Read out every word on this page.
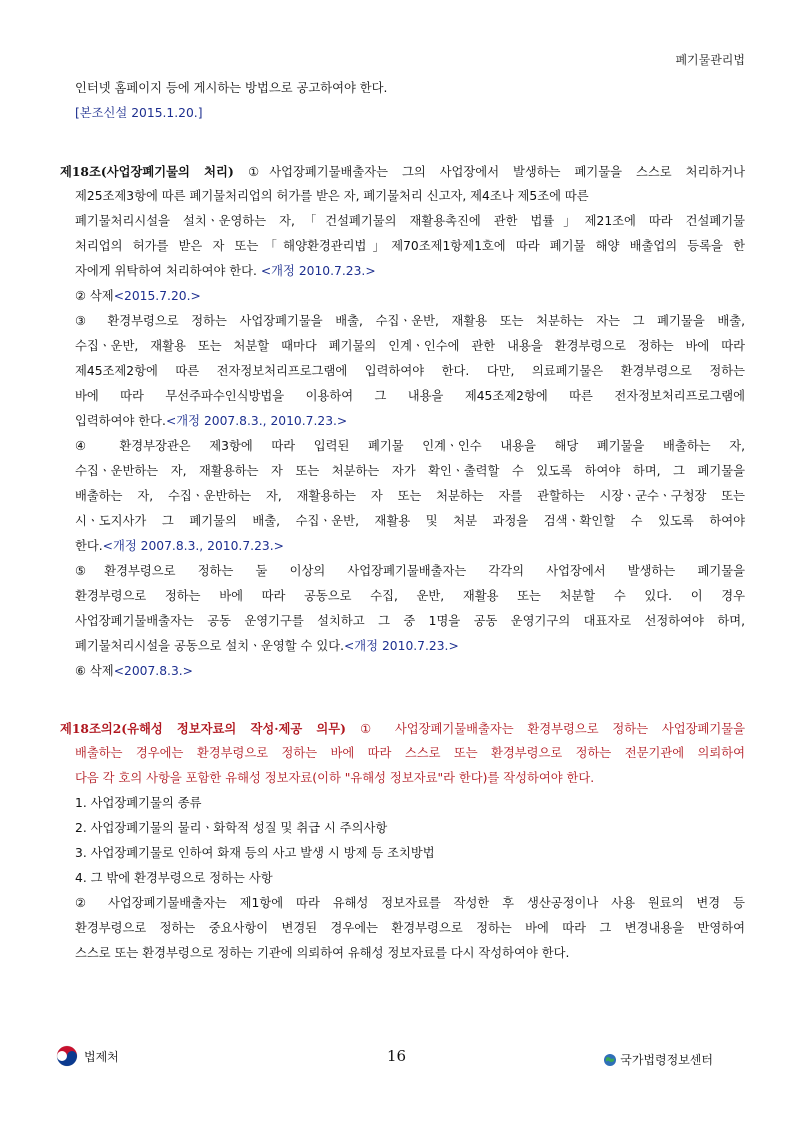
폐기물관리법
인터넷 홈페이지 등에 게시하는 방법으로 공고하여야 한다.
[본조신설 2015.1.20.]
제18조(사업장폐기물의 처리) ①사업장폐기물배출자는 그의 사업장에서 발생하는 폐기물을 스스로 처리하거나
제25조제3항에 따른 폐기물처리업의 허가를 받은 자, 폐기물처리 신고자, 제4조나 제5조에 따른
폐기물처리시설을 설치ㆍ운영하는 자,「건설폐기물의 재활용촉진에 관한 법률」제21조에 따라 건설폐기물
처리업의 허가를 받은 자 또는「해양환경관리법」제70조제1항제1호에 따라 폐기물 해양 배출업의 등록을 한
자에게 위탁하여 처리하여야 한다. <개정 2010.7.23.>
② 삭제<2015.7.20.>
③ 환경부령으로 정하는 사업장폐기물을 배출, 수집ㆍ운반, 재활용 또는 처분하는 자는 그 폐기물을 배출,
수집ㆍ운반, 재활용 또는 처분할 때마다 폐기물의 인계ㆍ인수에 관한 내용을 환경부령으로 정하는 바에 따라
제45조제2항에 따른 전자정보처리프로그램에 입력하여야 한다. 다만, 의료폐기물은 환경부령으로 정하는
바에 따라 무선주파수인식방법을 이용하여 그 내용을 제45조제2항에 따른 전자정보처리프로그램에
입력하여야 한다.<개정 2007.8.3., 2010.7.23.>
④ 환경부장관은 제3항에 따라 입력된 폐기물 인계ㆍ인수 내용을 해당 폐기물을 배출하는 자,
수집ㆍ운반하는 자, 재활용하는 자 또는 처분하는 자가 확인ㆍ출력할 수 있도록 하여야 하며, 그 폐기물을
배출하는 자, 수집ㆍ운반하는 자, 재활용하는 자 또는 처분하는 자를 관할하는 시장ㆍ군수ㆍ구청장 또는
시ㆍ도지사가 그 폐기물의 배출, 수집ㆍ운반, 재활용 및 처분 과정을 검색ㆍ확인할 수 있도록 하여야
한다.<개정 2007.8.3., 2010.7.23.>
⑤환경부령으로 정하는 둘 이상의 사업장폐기물배출자는 각각의 사업장에서 발생하는 폐기물을
환경부령으로 정하는 바에 따라 공동으로 수집, 운반, 재활용 또는 처분할 수 있다. 이 경우
사업장폐기물배출자는 공동 운영기구를 설치하고 그 중 1명을 공동 운영기구의 대표자로 선정하여야 하며,
폐기물처리시설을 공동으로 설치ㆍ운영할 수 있다.<개정 2010.7.23.>
⑥ 삭제<2007.8.3.>
제18조의2(유해성 정보자료의 작성·제공 의무) ① 사업장폐기물배출자는 환경부령으로 정하는 사업장폐기물을
배출하는 경우에는 환경부령으로 정하는 바에 따라 스스로 또는 환경부령으로 정하는 전문기관에 의뢰하여
다음 각 호의 사항을 포함한 유해성 정보자료(이하 "유해성 정보자료"라 한다)를 작성하여야 한다.
1. 사업장폐기물의 종류
2. 사업장폐기물의 물리ㆍ화학적 성질 및 취급 시 주의사항
3. 사업장폐기물로 인하여 화재 등의 사고 발생 시 방제 등 조치방법
4. 그 밖에 환경부령으로 정하는 사항
② 사업장폐기물배출자는 제1항에 따라 유해성 정보자료를 작성한 후 생산공정이나 사용 원료의 변경 등
환경부령으로 정하는 중요사항이 변경된 경우에는 환경부령으로 정하는 바에 따라 그 변경내용을 반영하여
스스로 또는 환경부령으로 정하는 기관에 의뢰하여 유해성 정보자료를 다시 작성하여야 한다.
법제처	16	국가법령정보센터
